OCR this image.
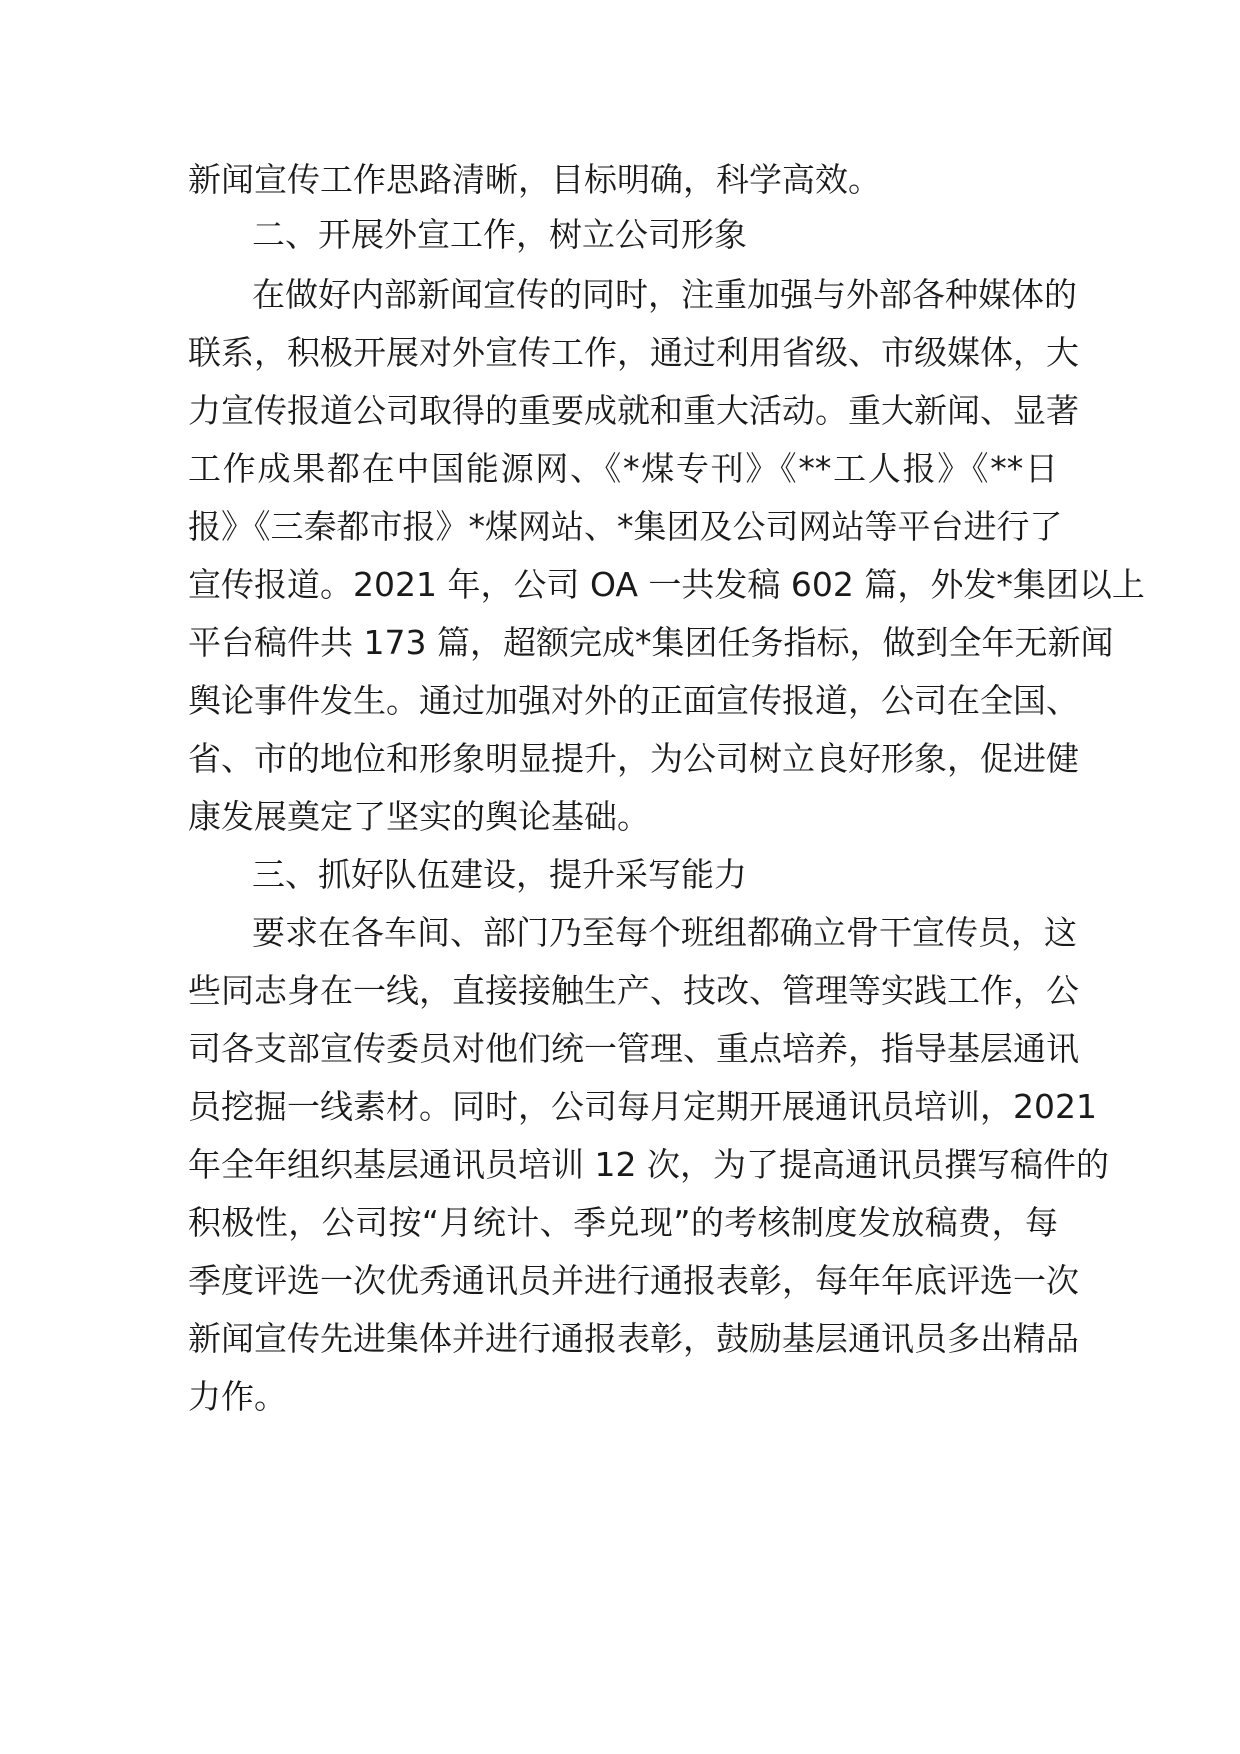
新闻宣传工作思路清晰，目标明确，科学高效。
二、开展外宣工作，树立公司形象
在做好内部新闻宣传的同时，注重加强与外部各种媒体的
联系，积极开展对外宣传工作，通过利用省级、市级媒体，大
力宣传报道公司取得的重要成就和重大活动。重大新闻、显著
工作成果都在中国能源网、《*煤专刊》《**工人报》《**日
报》《三秦都市报》*煤网站、*集团及公司网站等平台进行了
宣传报道。2021 年，公司 OA 一共发稿 602 篇，外发*集团以上
平台稿件共 173 篇，超额完成*集团任务指标，做到全年无新闻
舆论事件发生。通过加强对外的正面宣传报道，公司在全国、
省、市的地位和形象明显提升，为公司树立良好形象，促进健
康发展奠定了坚实的舆论基础。
三、抓好队伍建设，提升采写能力
要求在各车间、部门乃至每个班组都确立骨干宣传员，这
些同志身在一线，直接接触生产、技改、管理等实践工作，公
司各支部宣传委员对他们统一管理、重点培养，指导基层通讯
员挖掘一线素材。同时，公司每月定期开展通讯员培训，2021
年全年组织基层通讯员培训 12 次，为了提高通讯员撰写稿件的
积极性，公司按“月统计、季兑现”的考核制度发放稿费，每
季度评选一次优秀通讯员并进行通报表彰，每年年底评选一次
新闻宣传先进集体并进行通报表彰，鼓励基层通讯员多出精品
力作。
